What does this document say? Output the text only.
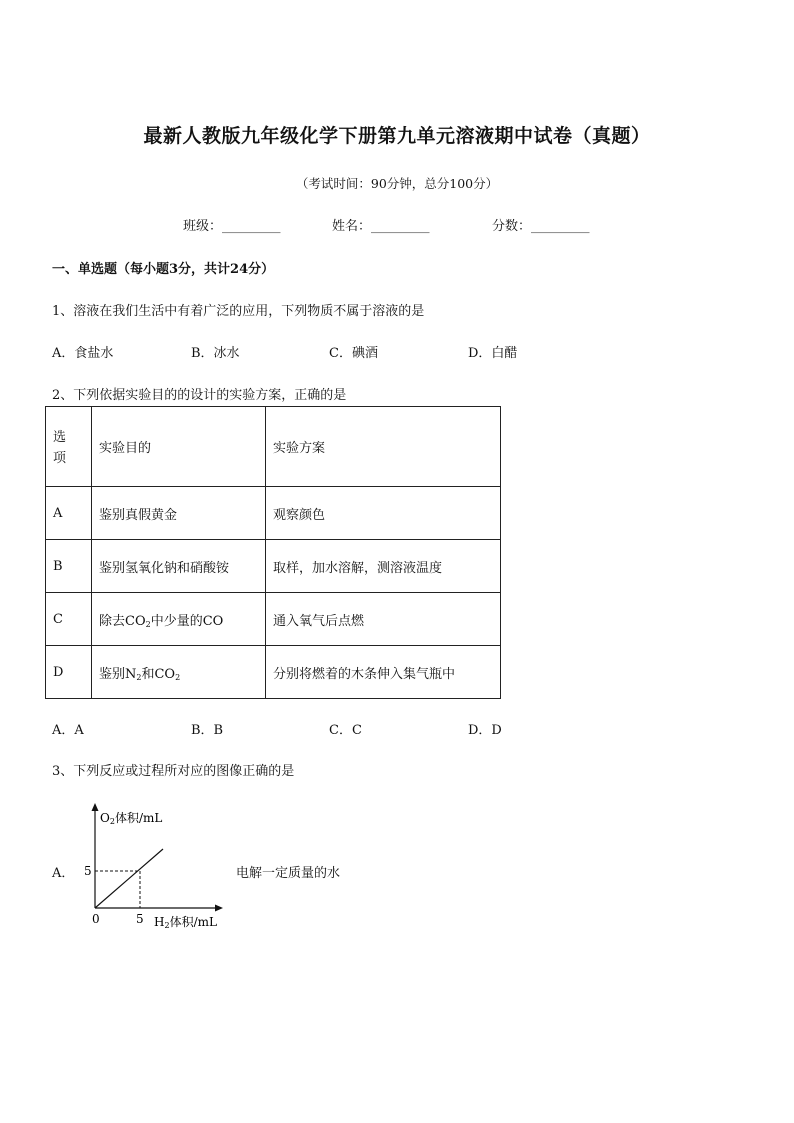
最新人教版九年级化学下册第九单元溶液期中试卷（真题）
（考试时间：90分钟，总分100分）
班级：_________	姓名：_________	分数：_________
一、单选题（每小题3分，共计24分）
1、溶液在我们生活中有着广泛的应用，下列物质不属于溶液的是
A．食盐水	B．冰水	C．碘酒	D．白醋
2、下列依据实验目的的设计的实验方案，正确的是
选项	实验目的	实验方案
A	鉴别真假黄金	观察颜色
B	鉴别氢氧化钠和硝酸铵	取样，加水溶解，测溶液温度
C	除去$CO_2$中少量的CO	通入氧气后点燃
D	鉴别$N_2$和$CO_2$	分别将燃着的木条伸入集气瓶中
A．A	B．B	C．C	D．D
3、下列反应或过程所对应的图像正确的是
A．
O2体积/mL
H2体积/mL
0	5
5	电解一定质量的水
